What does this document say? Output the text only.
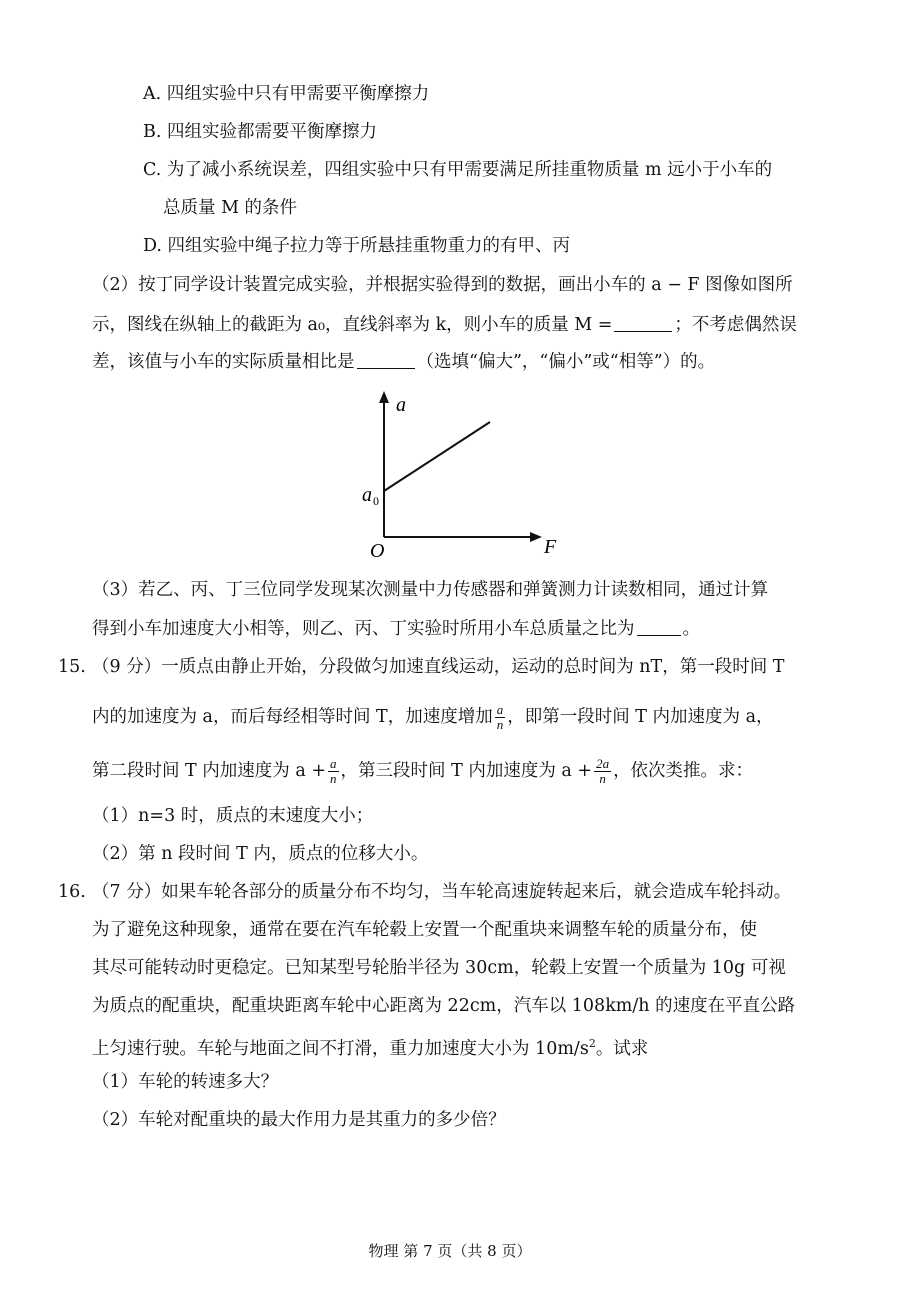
A. 四组实验中只有甲需要平衡摩擦力
B. 四组实验都需要平衡摩擦力
C. 为了减小系统误差，四组实验中只有甲需要满足所挂重物质量 m 远小于小车的
总质量 M 的条件
D. 四组实验中绳子拉力等于所悬挂重物重力的有甲、丙
（2）按丁同学设计装置完成实验，并根据实验得到的数据，画出小车的 a − F 图像如图所
示，图线在纵轴上的截距为 a₀，直线斜率为 k，则小车的质量 M =	；不考虑偶然误
差，该值与小车的实际质量相比是	（选填“偏大”，“偏小”或“相等”）的。
a
F
O
a 0
（3）若乙、丙、丁三位同学发现某次测量中力传感器和弹簧测力计读数相同，通过计算
得到小车加速度大小相等，则乙、丙、丁实验时所用小车总质量之比为	。
15. （9 分）一质点由静止开始，分段做匀加速直线运动，运动的总时间为 nT，第一段时间 T
内的加速度为 a，而后每经相等时间 T，加速度增加 $\frac{a}{n}$ ，即第一段时间 T 内加速度为 a，
第二段时间 T 内加速度为 $a + \frac{a}{n}$ ，第三段时间 T 内加速度为 $a + \frac{2a}{n}$ ，依次类推。求：
（1）n=3 时，质点的末速度大小；
（2）第 n 段时间 T 内，质点的位移大小。
16. （7 分）如果车轮各部分的质量分布不均匀，当车轮高速旋转起来后，就会造成车轮抖动。
为了避免这种现象，通常在要在汽车轮毂上安置一个配重块来调整车轮的质量分布，使
其尽可能转动时更稳定。已知某型号轮胎半径为 30cm，轮毂上安置一个质量为 10g 可视
为质点的配重块，配重块距离车轮中心距离为 22cm，汽车以 108km/h 的速度在平直公路
上匀速行驶。车轮与地面之间不打滑，重力加速度大小为 $10m/s^2$。试求
（1）车轮的转速多大？
（2）车轮对配重块的最大作用力是其重力的多少倍？
物理 第 7 页（共 8 页）
